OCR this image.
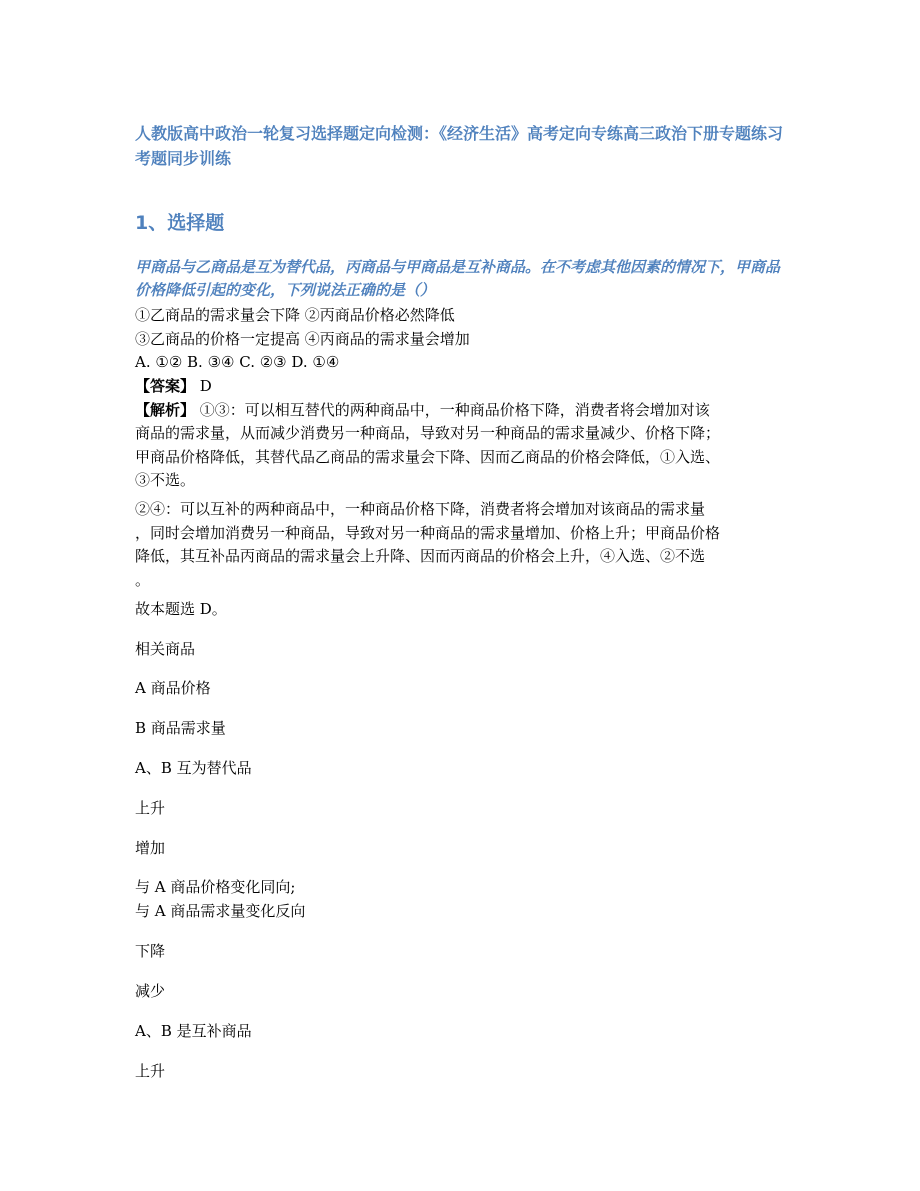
人教版高中政治一轮复习选择题定向检测：《经济生活》高考定向专练高三政治下册专题练习考题同步训练

1、选择题

甲商品与乙商品是互为替代品，丙商品与甲商品是互补商品。在不考虑其他因素的情况下，甲商品价格降低引起的变化，下列说法正确的是（）

①乙商品的需求量会下降 ②丙商品价格必然降低
③乙商品的价格一定提高 ④丙商品的需求量会增加
A. ①② B. ③④ C. ②③ D. ①④
【答案】 D
【解析】 ①③：可以相互替代的两种商品中，一种商品价格下降，消费者将会增加对该
商品的需求量，从而减少消费另一种商品，导致对另一种商品的需求量减少、价格下降；
甲商品价格降低，其替代品乙商品的需求量会下降、因而乙商品的价格会降低，①入选、
③不选。
②④：可以互补的两种商品中，一种商品价格下降，消费者将会增加对该商品的需求量
，同时会增加消费另一种商品，导致对另一种商品的需求量增加、价格上升；甲商品价格
降低，其互补品丙商品的需求量会上升降、因而丙商品的价格会上升，④入选、②不选
。
故本题选 D。

相关商品

A 商品价格

B 商品需求量

A、B 互为替代品

上升

增加

与 A 商品价格变化同向;

与 A 商品需求量变化反向

下降

减少

A、B 是互补商品

上升
